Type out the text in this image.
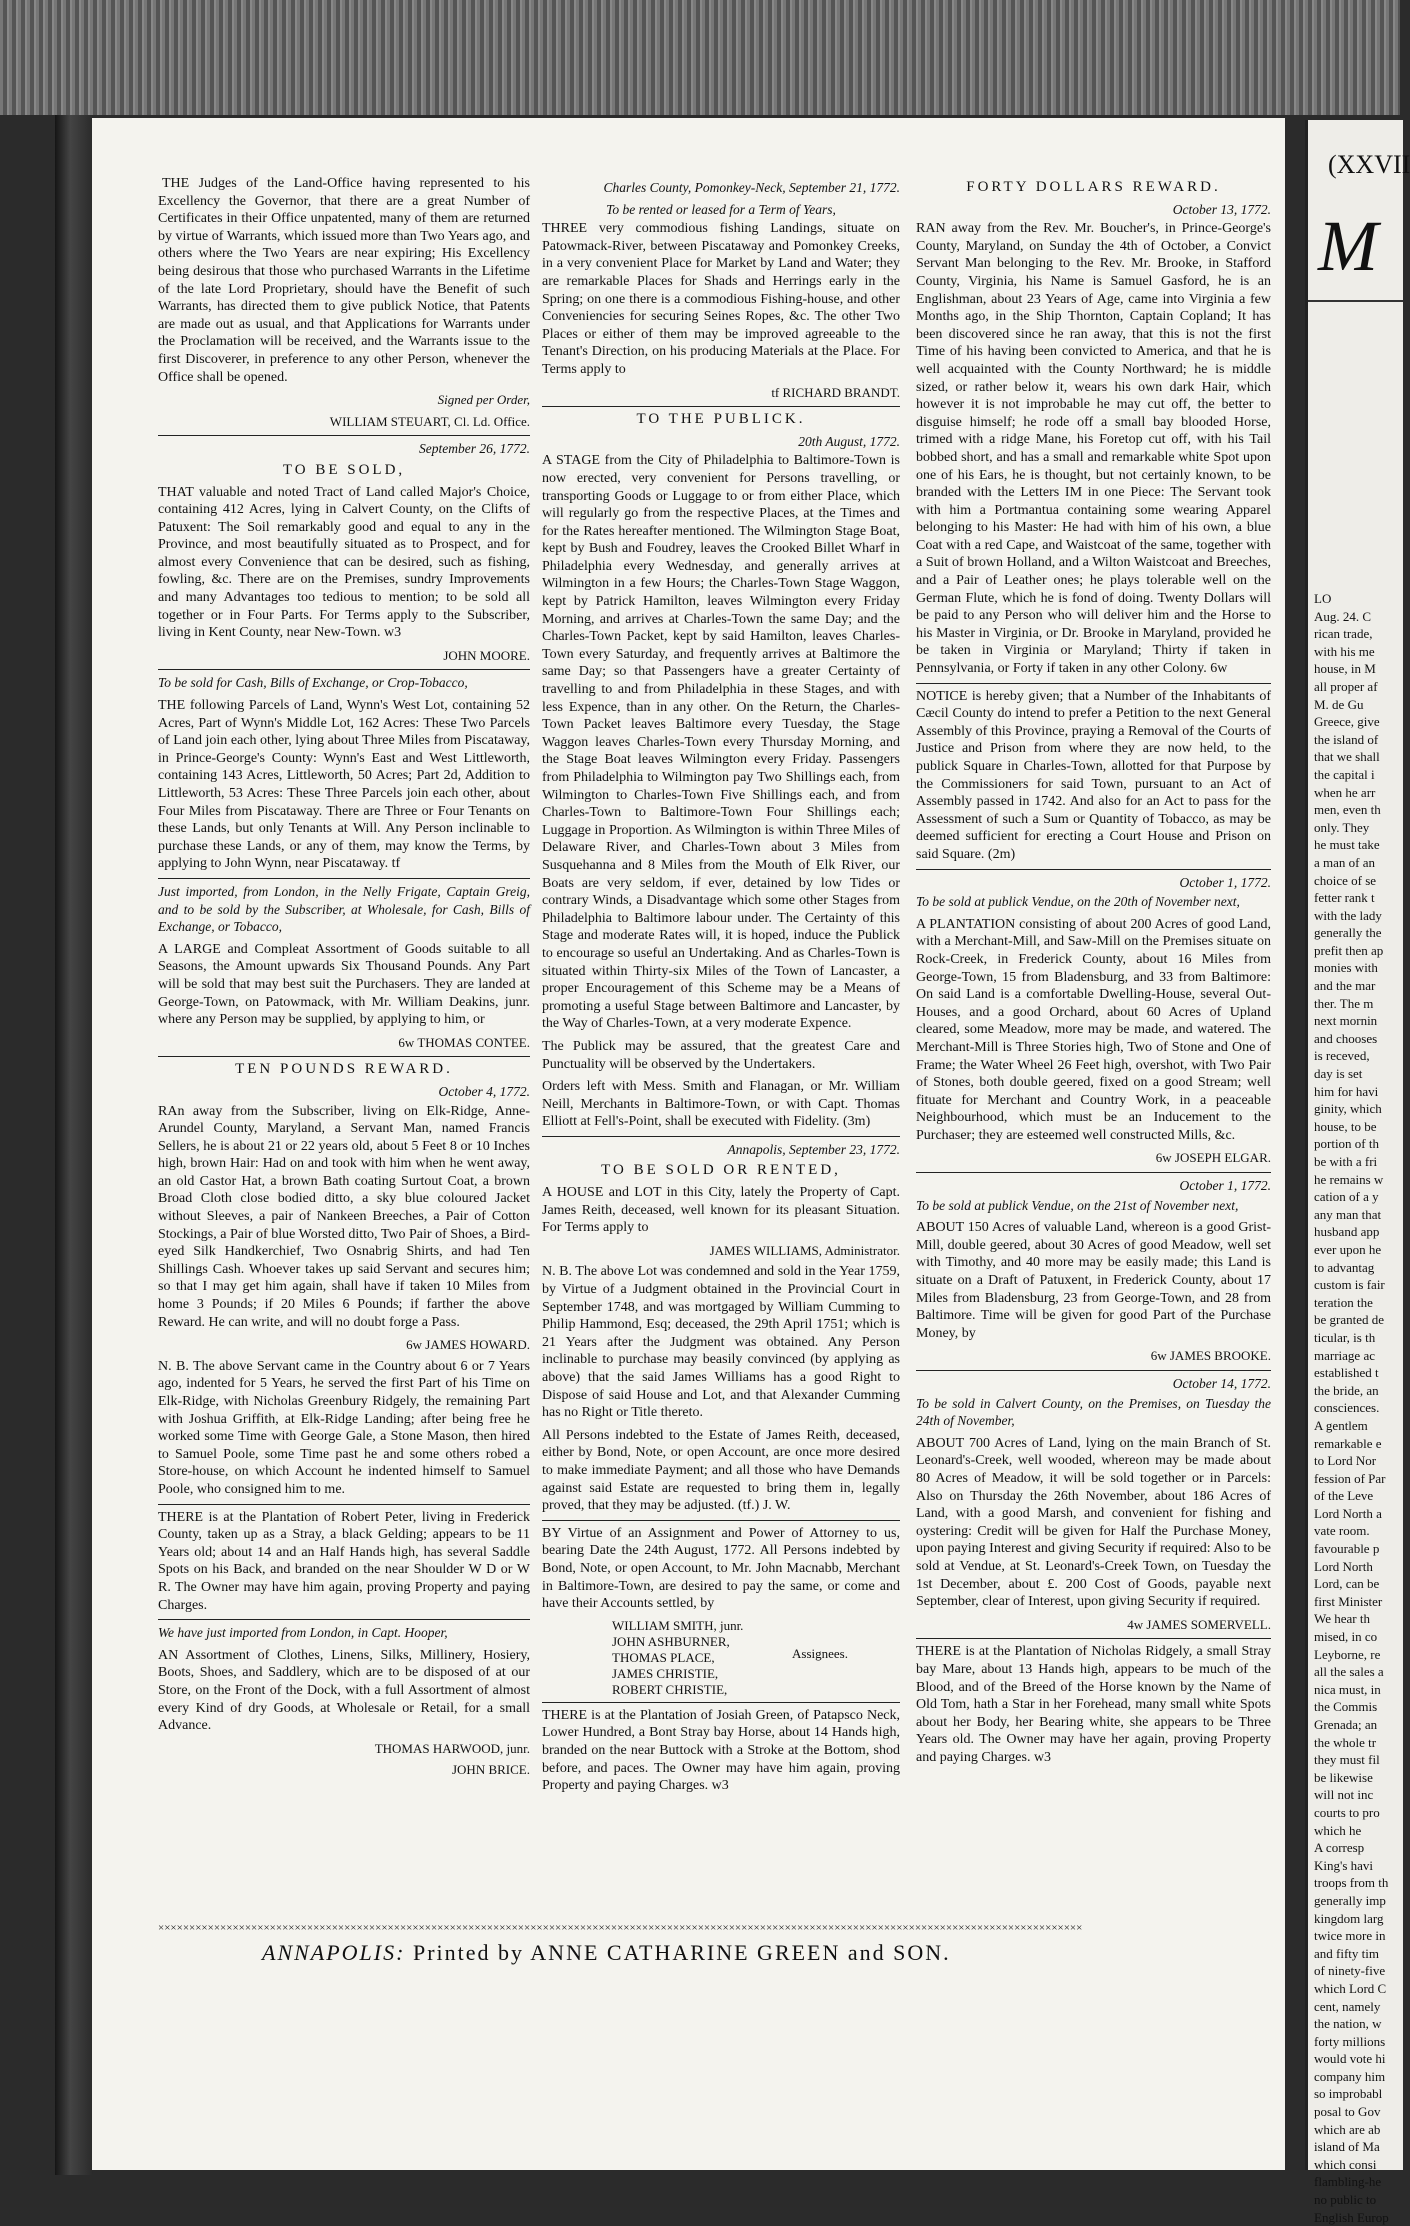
(XXVII
M
LO
Aug. 24. C
rican trade,
with his me
house, in M
all proper af
M. de Gu
Greece, give
the island of
that we shall
the capital i
when he arr
men, even th
only. They
he must take
a man of an
choice of se
fetter rank t
with the lady
generally the
prefit then ap
monies with
and the mar
ther. The m
next mornin
and chooses
is receved,
day is set
him for havi
ginity, which
house, to be
portion of th
be with a fri
he remains w
cation of a y
any man that
husband app
ever upon he
to advantag
custom is fair
teration the
be granted de
ticular, is th
marriage ac
established t
the bride, an
consciences.
A gentlem
remarkable e
to Lord Nor
fession of Par
of the Leve
Lord North a
vate room.
favourable p
Lord North
Lord, can be
first Minister
We hear th
mised, in co
Leyborne, re
all the sales a
nica must, in
the Commis
Grenada; an
the whole tr
they must fil
be likewise
will not inc
courts to pro
which he
A corresp
King's havi
troops from th
generally imp
kingdom larg
twice more in
and fifty tim
of ninety-five
which Lord C
cent, namely
the nation, w
forty millions
would vote hi
company him
so improbabl
posal to Gov
which are ab
island of Ma
which consi
flambling-he
no public to
English Europ

THE Judges of the Land-Office having represented to his Excellency the Governor, that there are a great Number of Certificates in their Office unpatented, many of them are returned by virtue of Warrants, which issued more than Two Years ago, and others where the Two Years are near expiring; His Excellency being desirous that those who purchased Warrants in the Lifetime of the late Lord Proprietary, should have the Benefit of such Warrants, has directed them to give publick Notice, that Patents are made out as usual, and that Applications for Warrants under the Proclamation will be received, and the Warrants issue to the first Discoverer, in preference to any other Person, whenever the Office shall be opened.

Signed per Order,

WILLIAM STEUART, Cl. Ld. Office.

September 26, 1772.
TO BE SOLD,

THAT valuable and noted Tract of Land called Major's Choice, containing 412 Acres, lying in Calvert County, on the Clifts of Patuxent: The Soil remarkably good and equal to any in the Province, and most beautifully situated as to Prospect, and for almost every Convenience that can be desired, such as fishing, fowling, &c. There are on the Premises, sundry Improvements and many Advantages too tedious to mention; to be sold all together or in Four Parts. For Terms apply to the Subscriber, living in Kent County, near New-Town. w3

JOHN MOORE.

To be sold for Cash, Bills of Exchange, or Crop-Tobacco,

THE following Parcels of Land, Wynn's West Lot, containing 52 Acres, Part of Wynn's Middle Lot, 162 Acres: These Two Parcels of Land join each other, lying about Three Miles from Piscataway, in Prince-George's County: Wynn's East and West Littleworth, containing 143 Acres, Littleworth, 50 Acres; Part 2d, Addition to Littleworth, 53 Acres: These Three Parcels join each other, about Four Miles from Piscataway. There are Three or Four Tenants on these Lands, but only Tenants at Will. Any Person inclinable to purchase these Lands, or any of them, may know the Terms, by applying to John Wynn, near Piscataway. tf

Just imported, from London, in the Nelly Frigate, Captain Greig, and to be sold by the Subscriber, at Wholesale, for Cash, Bills of Exchange, or Tobacco,

A LARGE and Compleat Assortment of Goods suitable to all Seasons, the Amount upwards Six Thousand Pounds. Any Part will be sold that may best suit the Purchasers. They are landed at George-Town, on Patowmack, with Mr. William Deakins, junr. where any Person may be supplied, by applying to him, or

6w THOMAS CONTEE.

TEN POUNDS REWARD.
October 4, 1772.

RAn away from the Subscriber, living on Elk-Ridge, Anne-Arundel County, Maryland, a Servant Man, named Francis Sellers, he is about 21 or 22 years old, about 5 Feet 8 or 10 Inches high, brown Hair: Had on and took with him when he went away, an old Castor Hat, a brown Bath coating Surtout Coat, a brown Broad Cloth close bodied ditto, a sky blue coloured Jacket without Sleeves, a pair of Nankeen Breeches, a Pair of Cotton Stockings, a Pair of blue Worsted ditto, Two Pair of Shoes, a Bird-eyed Silk Handkerchief, Two Osnabrig Shirts, and had Ten Shillings Cash. Whoever takes up said Servant and secures him; so that I may get him again, shall have if taken 10 Miles from home 3 Pounds; if 20 Miles 6 Pounds; if farther the above Reward. He can write, and will no doubt forge a Pass.

6w JAMES HOWARD.

N. B. The above Servant came in the Country about 6 or 7 Years ago, indented for 5 Years, he served the first Part of his Time on Elk-Ridge, with Nicholas Greenbury Ridgely, the remaining Part with Joshua Griffith, at Elk-Ridge Landing; after being free he worked some Time with George Gale, a Stone Mason, then hired to Samuel Poole, some Time past he and some others robed a Store-house, on which Account he indented himself to Samuel Poole, who consigned him to me.

THERE is at the Plantation of Robert Peter, living in Frederick County, taken up as a Stray, a black Gelding; appears to be 11 Years old; about 14 and an Half Hands high, has several Saddle Spots on his Back, and branded on the near Shoulder W D or W R. The Owner may have him again, proving Property and paying Charges.

We have just imported from London, in Capt. Hooper,

AN Assortment of Clothes, Linens, Silks, Millinery, Hosiery, Boots, Shoes, and Saddlery, which are to be disposed of at our Store, on the Front of the Dock, with a full Assortment of almost every Kind of dry Goods, at Wholesale or Retail, for a small Advance.

THOMAS HARWOOD, junr.

JOHN BRICE.

Charles County, Pomonkey-Neck, September 21, 1772.
To be rented or leased for a Term of Years,

THREE very commodious fishing Landings, situate on Patowmack-River, between Piscataway and Pomonkey Creeks, in a very convenient Place for Market by Land and Water; they are remarkable Places for Shads and Herrings early in the Spring; on one there is a commodious Fishing-house, and other Conveniencies for securing Seines Ropes, &c. The other Two Places or either of them may be improved agreeable to the Tenant's Direction, on his producing Materials at the Place. For Terms apply to

tf RICHARD BRANDT.

TO THE PUBLICK.
20th August, 1772.

A STAGE from the City of Philadelphia to Baltimore-Town is now erected, very convenient for Persons travelling, or transporting Goods or Luggage to or from either Place, which will regularly go from the respective Places, at the Times and for the Rates hereafter mentioned. The Wilmington Stage Boat, kept by Bush and Foudrey, leaves the Crooked Billet Wharf in Philadelphia every Wednesday, and generally arrives at Wilmington in a few Hours; the Charles-Town Stage Waggon, kept by Patrick Hamilton, leaves Wilmington every Friday Morning, and arrives at Charles-Town the same Day; and the Charles-Town Packet, kept by said Hamilton, leaves Charles-Town every Saturday, and frequently arrives at Baltimore the same Day; so that Passengers have a greater Certainty of travelling to and from Philadelphia in these Stages, and with less Expence, than in any other. On the Return, the Charles-Town Packet leaves Baltimore every Tuesday, the Stage Waggon leaves Charles-Town every Thursday Morning, and the Stage Boat leaves Wilmington every Friday. Passengers from Philadelphia to Wilmington pay Two Shillings each, from Wilmington to Charles-Town Five Shillings each, and from Charles-Town to Baltimore-Town Four Shillings each; Luggage in Proportion. As Wilmington is within Three Miles of Delaware River, and Charles-Town about 3 Miles from Susquehanna and 8 Miles from the Mouth of Elk River, our Boats are very seldom, if ever, detained by low Tides or contrary Winds, a Disadvantage which some other Stages from Philadelphia to Baltimore labour under. The Certainty of this Stage and moderate Rates will, it is hoped, induce the Publick to encourage so useful an Undertaking. And as Charles-Town is situated within Thirty-six Miles of the Town of Lancaster, a proper Encouragement of this Scheme may be a Means of promoting a useful Stage between Baltimore and Lancaster, by the Way of Charles-Town, at a very moderate Expence.

The Publick may be assured, that the greatest Care and Punctuality will be observed by the Undertakers.

Orders left with Mess. Smith and Flanagan, or Mr. William Neill, Merchants in Baltimore-Town, or with Capt. Thomas Elliott at Fell's-Point, shall be executed with Fidelity. (3m)

Annapolis, September 23, 1772.
TO BE SOLD OR RENTED,

A HOUSE and LOT in this City, lately the Property of Capt. James Reith, deceased, well known for its pleasant Situation. For Terms apply to

JAMES WILLIAMS, Administrator.

N. B. The above Lot was condemned and sold in the Year 1759, by Virtue of a Judgment obtained in the Provincial Court in September 1748, and was mortgaged by William Cumming to Philip Hammond, Esq; deceased, the 29th April 1751; which is 21 Years after the Judgment was obtained. Any Person inclinable to purchase may beasily convinced (by applying as above) that the said James Williams has a good Right to Dispose of said House and Lot, and that Alexander Cumming has no Right or Title thereto.

All Persons indebted to the Estate of James Reith, deceased, either by Bond, Note, or open Account, are once more desired to make immediate Payment; and all those who have Demands against said Estate are requested to bring them in, legally proved, that they may be adjusted. (tf.) J. W.

BY Virtue of an Assignment and Power of Attorney to us, bearing Date the 24th August, 1772. All Persons indebted by Bond, Note, or open Account, to Mr. John Macnabb, Merchant in Baltimore-Town, are desired to pay the same, or come and have their Accounts settled, by

WILLIAM SMITH, junr.
JOHN ASHBURNER,
THOMAS PLACE,
JAMES CHRISTIE,
ROBERT CHRISTIE,
Assignees.

THERE is at the Plantation of Josiah Green, of Patapsco Neck, Lower Hundred, a Bont Stray bay Horse, about 14 Hands high, branded on the near Buttock with a Stroke at the Bottom, shod before, and paces. The Owner may have him again, proving Property and paying Charges. w3

FORTY DOLLARS REWARD.
October 13, 1772.

RAN away from the Rev. Mr. Boucher's, in Prince-George's County, Maryland, on Sunday the 4th of October, a Convict Servant Man belonging to the Rev. Mr. Brooke, in Stafford County, Virginia, his Name is Samuel Gasford, he is an Englishman, about 23 Years of Age, came into Virginia a few Months ago, in the Ship Thornton, Captain Copland; It has been discovered since he ran away, that this is not the first Time of his having been convicted to America, and that he is well acquainted with the County Northward; he is middle sized, or rather below it, wears his own dark Hair, which however it is not improbable he may cut off, the better to disguise himself; he rode off a small bay blooded Horse, trimed with a ridge Mane, his Foretop cut off, with his Tail bobbed short, and has a small and remarkable white Spot upon one of his Ears, he is thought, but not certainly known, to be branded with the Letters IM in one Piece: The Servant took with him a Portmantua containing some wearing Apparel belonging to his Master: He had with him of his own, a blue Coat with a red Cape, and Waistcoat of the same, together with a Suit of brown Holland, and a Wilton Waistcoat and Breeches, and a Pair of Leather ones; he plays tolerable well on the German Flute, which he is fond of doing. Twenty Dollars will be paid to any Person who will deliver him and the Horse to his Master in Virginia, or Dr. Brooke in Maryland, provided he be taken in Virginia or Maryland; Thirty if taken in Pennsylvania, or Forty if taken in any other Colony. 6w

NOTICE is hereby given; that a Number of the Inhabitants of Cæcil County do intend to prefer a Petition to the next General Assembly of this Province, praying a Removal of the Courts of Justice and Prison from where they are now held, to the publick Square in Charles-Town, allotted for that Purpose by the Commissioners for said Town, pursuant to an Act of Assembly passed in 1742. And also for an Act to pass for the Assessment of such a Sum or Quantity of Tobacco, as may be deemed sufficient for erecting a Court House and Prison on said Square. (2m)

October 1, 1772.

To be sold at publick Vendue, on the 20th of November next,

A PLANTATION consisting of about 200 Acres of good Land, with a Merchant-Mill, and Saw-Mill on the Premises situate on Rock-Creek, in Frederick County, about 16 Miles from George-Town, 15 from Bladensburg, and 33 from Baltimore: On said Land is a comfortable Dwelling-House, several Out-Houses, and a good Orchard, about 60 Acres of Upland cleared, some Meadow, more may be made, and watered. The Merchant-Mill is Three Stories high, Two of Stone and One of Frame; the Water Wheel 26 Feet high, overshot, with Two Pair of Stones, both double geered, fixed on a good Stream; well fituate for Merchant and Country Work, in a peaceable Neighbourhood, which must be an Inducement to the Purchaser; they are esteemed well constructed Mills, &c.

6w JOSEPH ELGAR.

October 1, 1772.

To be sold at publick Vendue, on the 21st of November next,

ABOUT 150 Acres of valuable Land, whereon is a good Grist-Mill, double geered, about 30 Acres of good Meadow, well set with Timothy, and 40 more may be easily made; this Land is situate on a Draft of Patuxent, in Frederick County, about 17 Miles from Bladensburg, 23 from George-Town, and 28 from Baltimore. Time will be given for good Part of the Purchase Money, by

6w JAMES BROOKE.

October 14, 1772.

To be sold in Calvert County, on the Premises, on Tuesday the 24th of November,

ABOUT 700 Acres of Land, lying on the main Branch of St. Leonard's-Creek, well wooded, whereon may be made about 80 Acres of Meadow, it will be sold together or in Parcels: Also on Thursday the 26th November, about 186 Acres of Land, with a good Marsh, and convenient for fishing and oystering: Credit will be given for Half the Purchase Money, upon paying Interest and giving Security if required: Also to be sold at Vendue, at St. Leonard's-Creek Town, on Tuesday the 1st December, about £. 200 Cost of Goods, payable next September, clear of Interest, upon giving Security if required.

4w JAMES SOMERVELL.

THERE is at the Plantation of Nicholas Ridgely, a small Stray bay Mare, about 13 Hands high, appears to be much of the Blood, and of the Breed of the Horse known by the Name of Old Tom, hath a Star in her Forehead, many small white Spots about her Body, her Bearing white, she appears to be Three Years old. The Owner may have her again, proving Property and paying Charges. w3

×××××××××××××××××××××××××××××××××××××××××××××××××××××××××××××××××××××××××××××××××××××××××××××××××××××××××××××××××××××××××××××××××××××××××××××××××××××
ANNAPOLIS: Printed by ANNE CATHARINE GREEN and SON.
